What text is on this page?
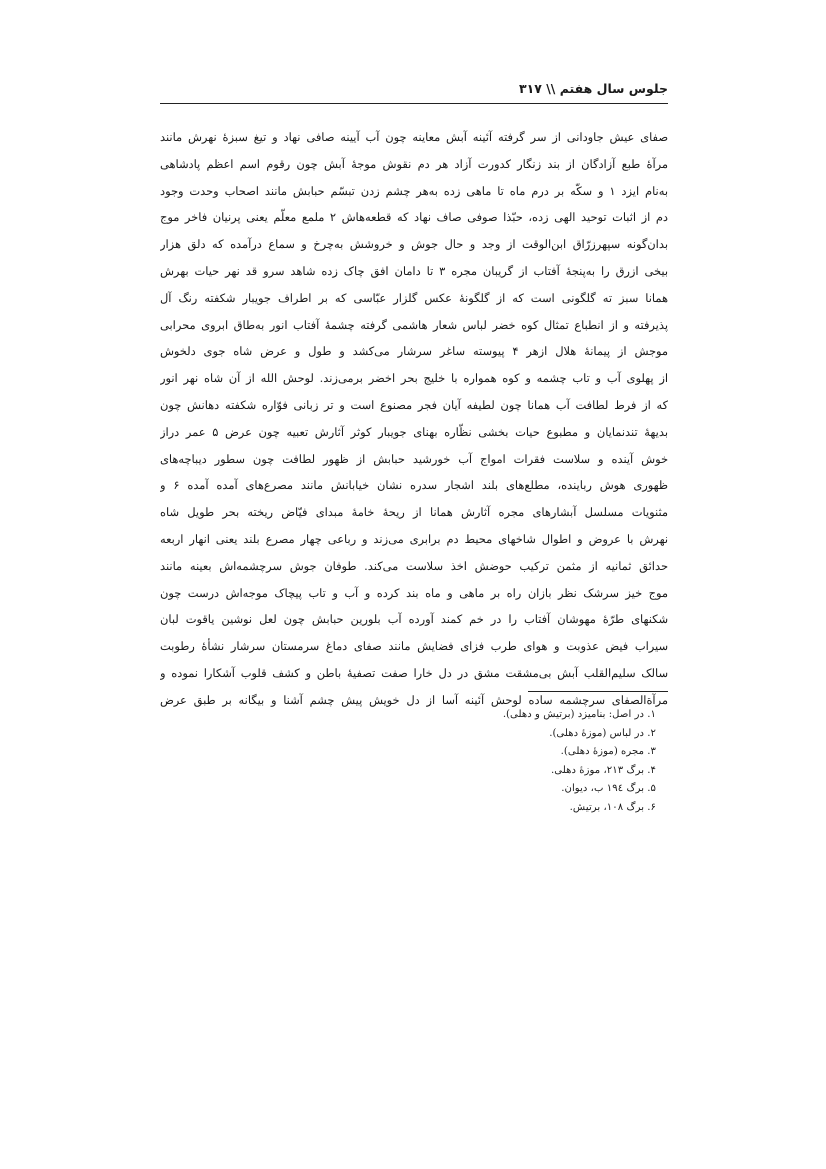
جلوس سال هفتم \\ ۳۱۷
صفای عیش جاودانی از سر گرفته آئینه آبش معاینه چون آب آیینه صافی نهاد و تیغ سبزهٔ نهرش مانند
مرآهٔ طبع آزادگان از بند زنگار کدورت آزاد هر دم نقوش موجهٔ آبش چون رقوم اسم اعظم پادشاهی
به‌نام ایزد ۱ و سکّه بر درم ماه تا ماهی زده به‌هر چشم زدن تبسّم حبابش مانند اصحاب وحدت وجود
دم از اثبات توحید الهی زده، حبّذا صوفی صاف نهاد که قطعه‌هاش ۲ ملمع معلّم یعنی پرنیان فاخر موج
بدان‌گونه سپهرزرّاق ابن‌الوقت از وجد و حال جوش و خروشش به‌چرخ و سماع درآمده که دلق هزار
بیخی ازرق را به‌پنجهٔ آفتاب از گریبان مجره ۳ تا دامان افق چاک زده شاهد سرو قد نهر حیات بهرش
همانا سبز ته گلگونی است که از گلگونهٔ عکس گلزار عبّاسی که بر اطراف جویبار شکفته رنگ آل
پذیرفته و از انطباع تمثال کوه خضر لباس شعار هاشمی گرفته چشمهٔ آفتاب انور به‌طاق ابروی محرابی
موجش از پیمانهٔ هلال ازهر ۴ پیوسته ساغر سرشار می‌کشد و طول و عرض شاه جوی دلخوش
از پهلوی آب و تاب چشمه و کوه همواره با خلیج بحر اخضر برمی‌زند. لوحش الله از آن شاه نهر انور
که از فرط لطافت آب همانا چون لطیفه آیان فجر مصنوع است و تر زبانی فوّاره شکفته دهانش چون
بدیههٔ تندنمایان و مطبوع حیات بخشی نظّاره بهنای جویبار کوثر آثارش تعبیه چون عرض ۵ عمر دراز
خوش آینده و سلاست فقرات امواج آب خورشید حبابش از ظهور لطافت چون سطور دیباچه‌های
ظهوری هوش رباینده، مطلع‌های بلند اشجار سدره نشان خیابانش مانند مصرع‌های آمده آمده ۶ و
مثنویات مسلسل آبشارهای مجره آثارش همانا از ریحهٔ خامهٔ مبدای فیّاض ریخته بحر طویل شاه
نهرش با عروض و اطوال شاخهای محیط دم برابری می‌زند و رباعی چهار مصرع بلند یعنی انهار اربعه
حدائق ثمانیه از مثمن ترکیب حوضش اخذ سلاست می‌کند. طوفان جوش سرچشمه‌اش بعینه مانند
موج خیز سرشک نظر بازان راه بر ماهی و ماه بند کرده و آب و تاب پیچاک موجه‌اش درست چون
شکنهای طرّهٔ مهوشان آفتاب را در خم کمند آورده آب بلورین حبابش چون لعل نوشین یاقوت لبان
سیراب فیض عذوبت و هوای طرب فزای فضایش مانند صفای دماغ سرمستان سرشار نشأهٔ رطوبت
سالک سلیم‌القلب آبش بی‌مشقت مشق در دل خارا صفت تصفیهٔ باطن و کشف قلوب آشکارا نموده و
مرآةالصفای سرچشمه ساده لوحش آئینه آسا از دل خویش پیش چشم آشنا و بیگانه بر طبق عرض
۱. در اصل: بنامیزد (برتیش و دهلی).
۲. در لباس (موزهٔ دهلی).
۳. مجره (موزهٔ دهلی).
۴. برگ ۲۱۳، موزهٔ دهلی.
۵. برگ ۱۹٤ ب، دیوان.
۶. برگ ۱۰۸، برتیش.
